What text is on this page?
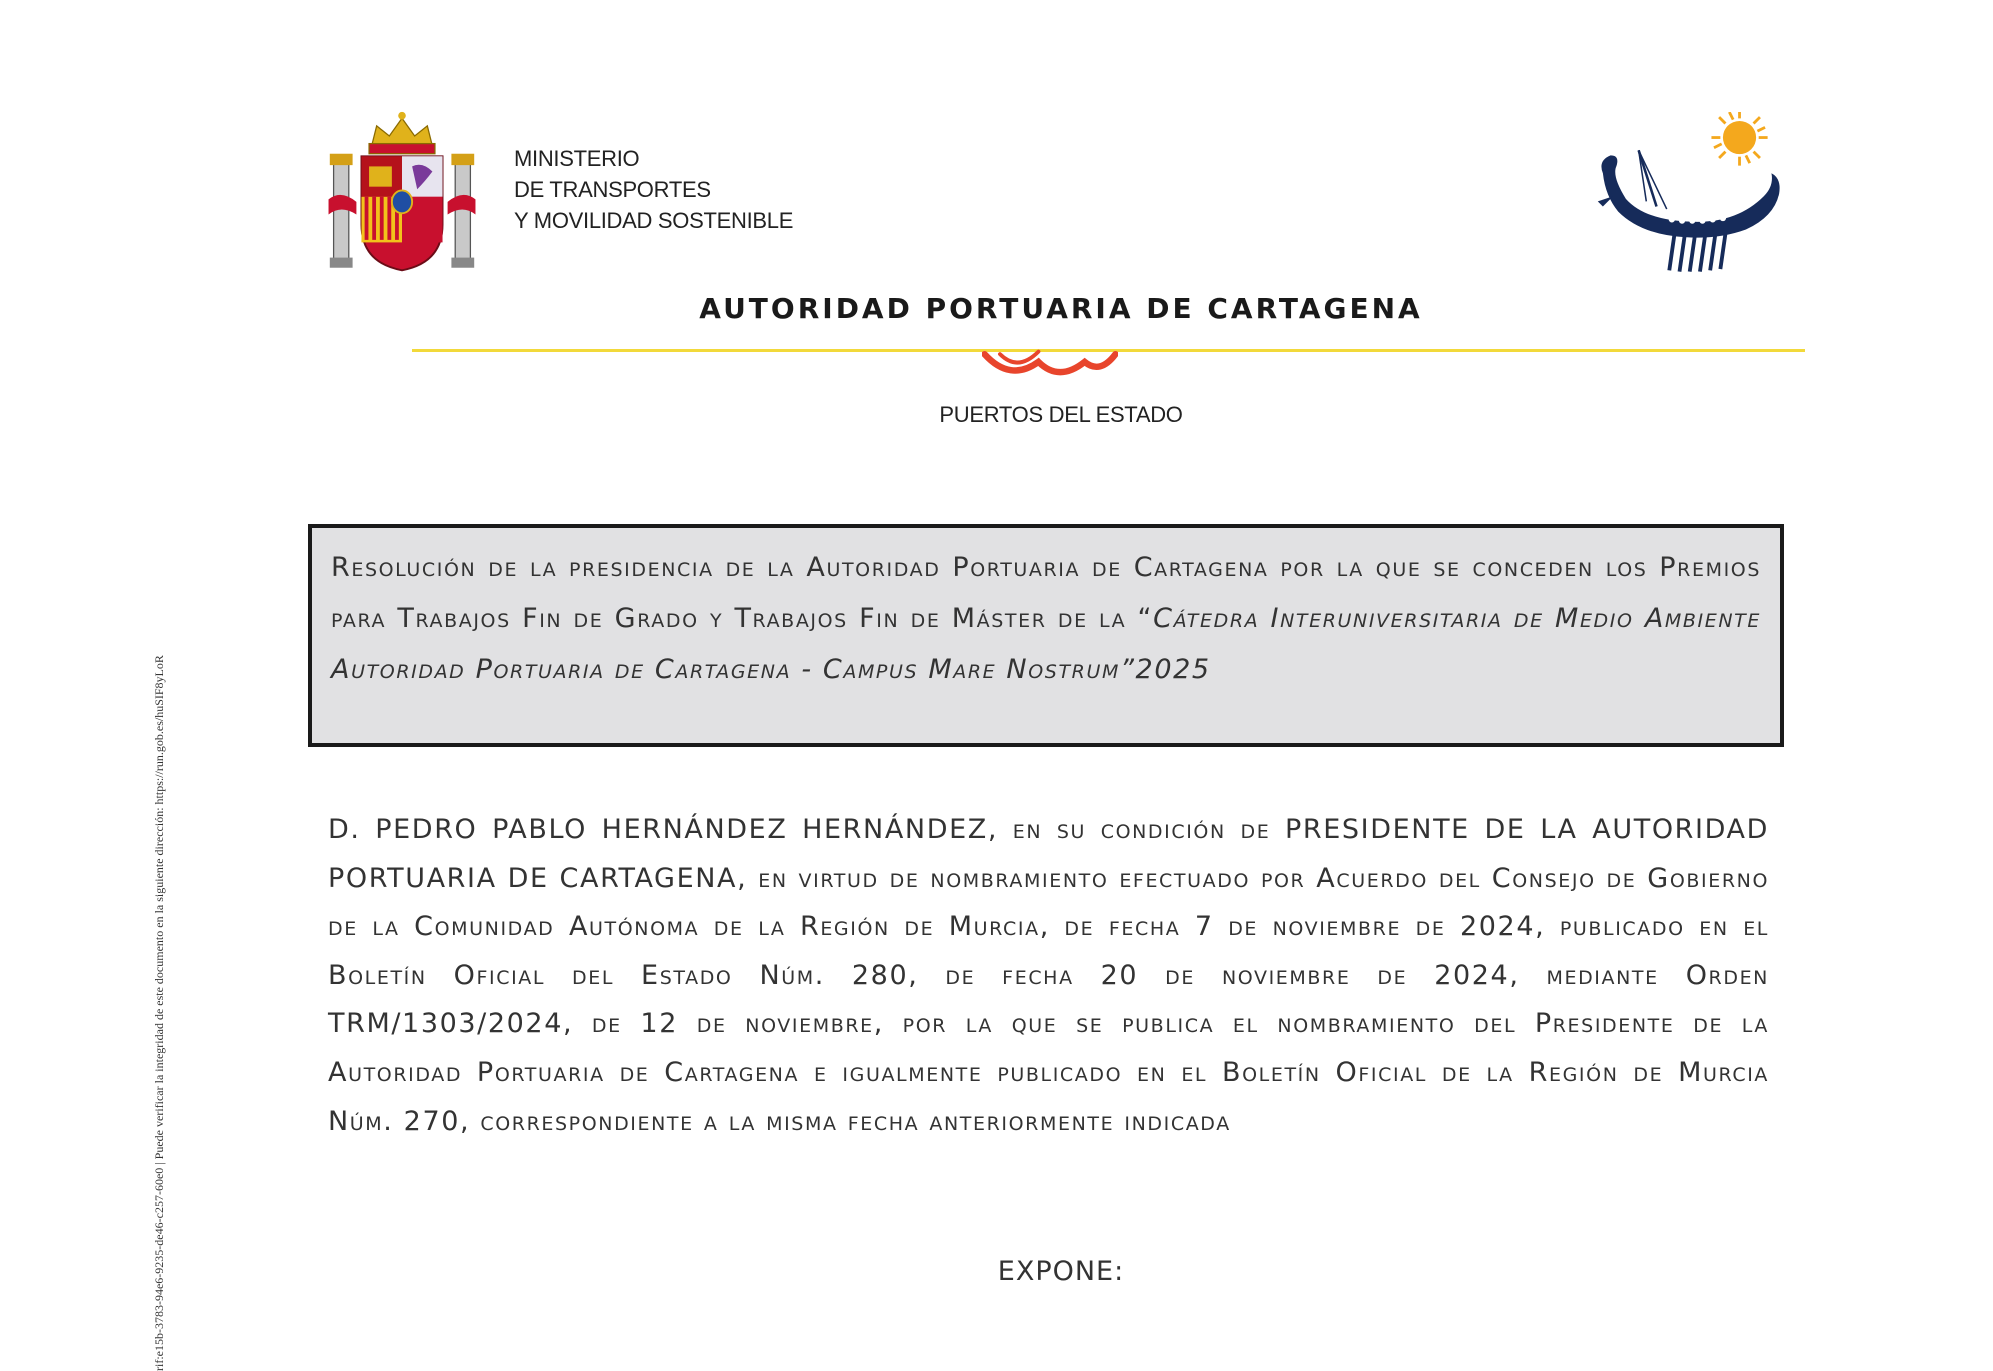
rif:e15b-3783-94e6-9235-de46-c257-60e0 | Puede verificar la integridad de este documento en la siguiente dirección: https://run.gob.es/huSIF8yLoR
MINISTERIO
DE TRANSPORTES
Y MOVILIDAD SOSTENIBLE
AUTORIDAD PORTUARIA DE CARTAGENA
PUERTOS DEL ESTADO

Resolución de la presidencia de la Autoridad Portuaria de Cartagena por la que se conceden los Premios para Trabajos Fin de Grado y Trabajos Fin de Máster de la “Cátedra Interuniversitaria de Medio Ambiente Autoridad Portuaria de Cartagena - Campus Mare Nostrum”2025

D. PEDRO PABLO HERNÁNDEZ HERNÁNDEZ, en su condición de PRESIDENTE DE LA AUTORIDAD PORTUARIA DE CARTAGENA, en virtud de nombramiento efectuado por Acuerdo del Consejo de Gobierno de la Comunidad Autónoma de la Región de Murcia, de fecha 7 de noviembre de 2024, publicado en el Boletín Oficial del Estado Núm. 280, de fecha 20 de noviembre de 2024, mediante Orden TRM/1303/2024, de 12 de noviembre, por la que se publica el nombramiento del Presidente de la Autoridad Portuaria de Cartagena e igualmente publicado en el Boletín Oficial de la Región de Murcia Núm. 270, correspondiente a la misma fecha anteriormente indicada

EXPONE:
